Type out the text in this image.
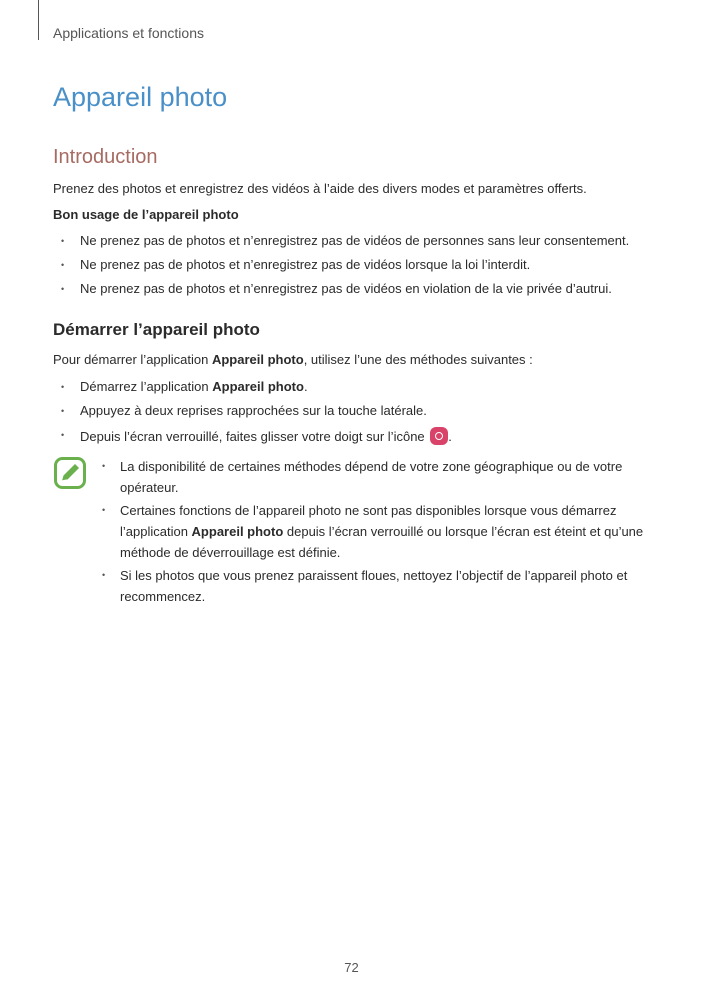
Applications et fonctions
Appareil photo
Introduction

Prenez des photos et enregistrez des vidéos à l’aide des divers modes et paramètres offerts.

Bon usage de l’appareil photo

• Ne prenez pas de photos et n’enregistrez pas de vidéos de personnes sans leur consentement.
• Ne prenez pas de photos et n’enregistrez pas de vidéos lorsque la loi l’interdit.
• Ne prenez pas de photos et n’enregistrez pas de vidéos en violation de la vie privée d’autrui.
Démarrer l’appareil photo

Pour démarrer l’application Appareil photo, utilisez l’une des méthodes suivantes :

• Démarrez l’application Appareil photo.
• Appuyez à deux reprises rapprochées sur la touche latérale.
• Depuis l’écran verrouillé, faites glisser votre doigt sur l’icône
.
• La disponibilité de certaines méthodes dépend de votre zone géographique ou de votre opérateur.
• Certaines fonctions de l’appareil photo ne sont pas disponibles lorsque vous démarrez l’application Appareil photo depuis l’écran verrouillé ou lorsque l’écran est éteint et qu’une méthode de déverrouillage est définie.
• Si les photos que vous prenez paraissent floues, nettoyez l’objectif de l’appareil photo et recommencez.
72
